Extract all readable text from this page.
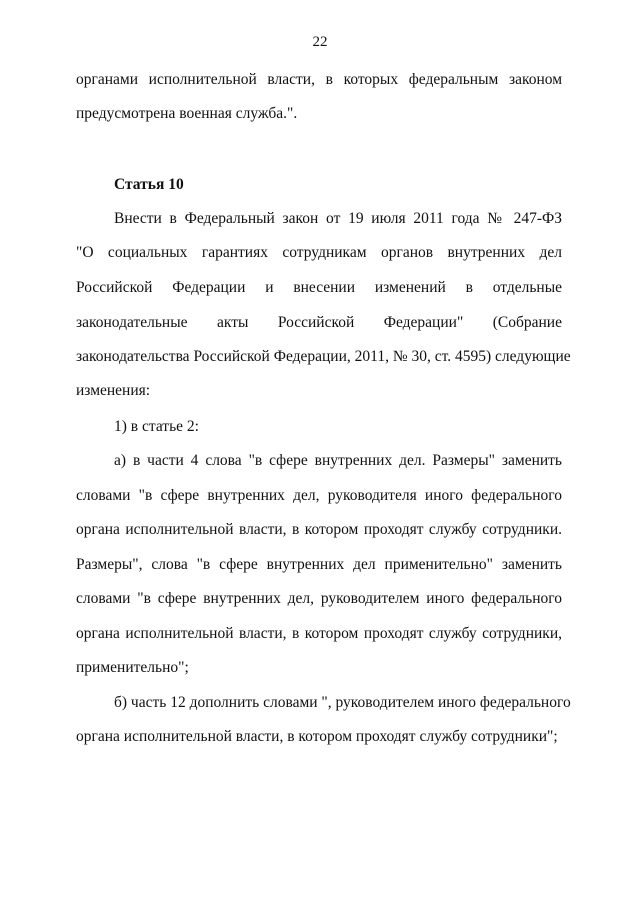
22
органами исполнительной власти, в которых федеральным законом
предусмотрена военная служба.".
Статья 10
Внести в Федеральный закон от 19 июля 2011 года № 247-ФЗ
"О социальных гарантиях сотрудникам органов внутренних дел
Российской Федерации и внесении изменений в отдельные
законодательные акты Российской Федерации" (Собрание
законодательства Российской Федерации, 2011, № 30, ст. 4595) следующие
изменения:
1) в статье 2:
а) в части 4 слова "в сфере внутренних дел. Размеры" заменить
словами "в сфере внутренних дел, руководителя иного федерального
органа исполнительной власти, в котором проходят службу сотрудники.
Размеры", слова "в сфере внутренних дел применительно" заменить
словами "в сфере внутренних дел, руководителем иного федерального
органа исполнительной власти, в котором проходят службу сотрудники,
применительно";
б) часть 12 дополнить словами ", руководителем иного федерального
органа исполнительной власти, в котором проходят службу сотрудники";
